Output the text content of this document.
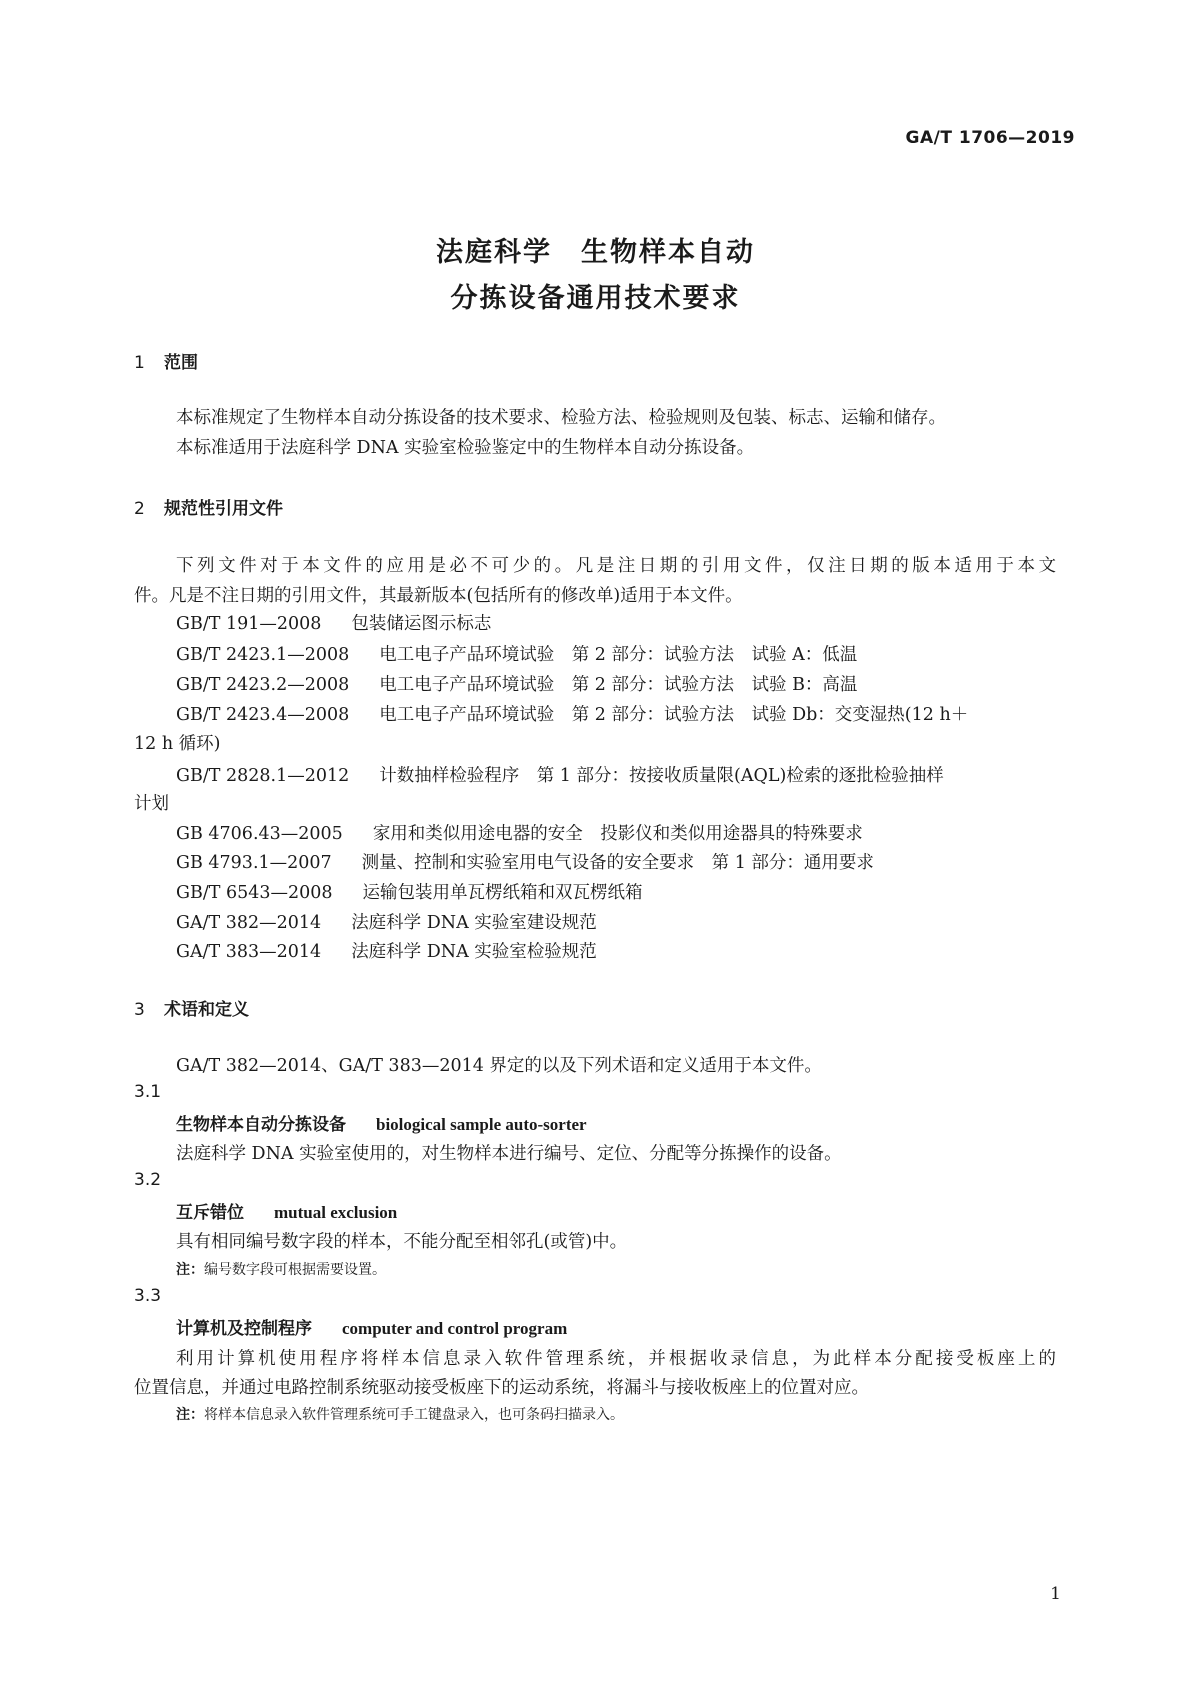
GA/T 1706—2019
法庭科学　生物样本自动
分拣设备通用技术要求
1 范围
本标准规定了生物样本自动分拣设备的技术要求、检验方法、检验规则及包装、标志、运输和储存。
本标准适用于法庭科学 DNA 实验室检验鉴定中的生物样本自动分拣设备。
2 规范性引用文件
下列文件对于本文件的应用是必不可少的。凡是注日期的引用文件，仅注日期的版本适用于本文
件。凡是不注日期的引用文件，其最新版本(包括所有的修改单)适用于本文件。
GB/T 191—2008 包装储运图示标志
GB/T 2423.1—2008 电工电子产品环境试验　第 2 部分：试验方法　试验 A：低温
GB/T 2423.2—2008 电工电子产品环境试验　第 2 部分：试验方法　试验 B：高温
GB/T 2423.4—2008 电工电子产品环境试验　第 2 部分：试验方法　试验 Db：交变湿热(12 h＋
12 h 循环)
GB/T 2828.1—2012 计数抽样检验程序　第 1 部分：按接收质量限(AQL)检索的逐批检验抽样
计划
GB 4706.43—2005 家用和类似用途电器的安全　投影仪和类似用途器具的特殊要求
GB 4793.1—2007 测量、控制和实验室用电气设备的安全要求　第 1 部分：通用要求
GB/T 6543—2008 运输包装用单瓦楞纸箱和双瓦楞纸箱
GA/T 382—2014 法庭科学 DNA 实验室建设规范
GA/T 383—2014 法庭科学 DNA 实验室检验规范
3 术语和定义
GA/T 382—2014、GA/T 383—2014 界定的以及下列术语和定义适用于本文件。
3.1
生物样本自动分拣设备 biological sample auto-sorter
法庭科学 DNA 实验室使用的，对生物样本进行编号、定位、分配等分拣操作的设备。
3.2
互斥错位 mutual exclusion
具有相同编号数字段的样本，不能分配至相邻孔(或管)中。
注：编号数字段可根据需要设置。
3.3
计算机及控制程序 computer and control program
利用计算机使用程序将样本信息录入软件管理系统，并根据收录信息，为此样本分配接受板座上的
位置信息，并通过电路控制系统驱动接受板座下的运动系统，将漏斗与接收板座上的位置对应。
注：将样本信息录入软件管理系统可手工键盘录入，也可条码扫描录入。
1
